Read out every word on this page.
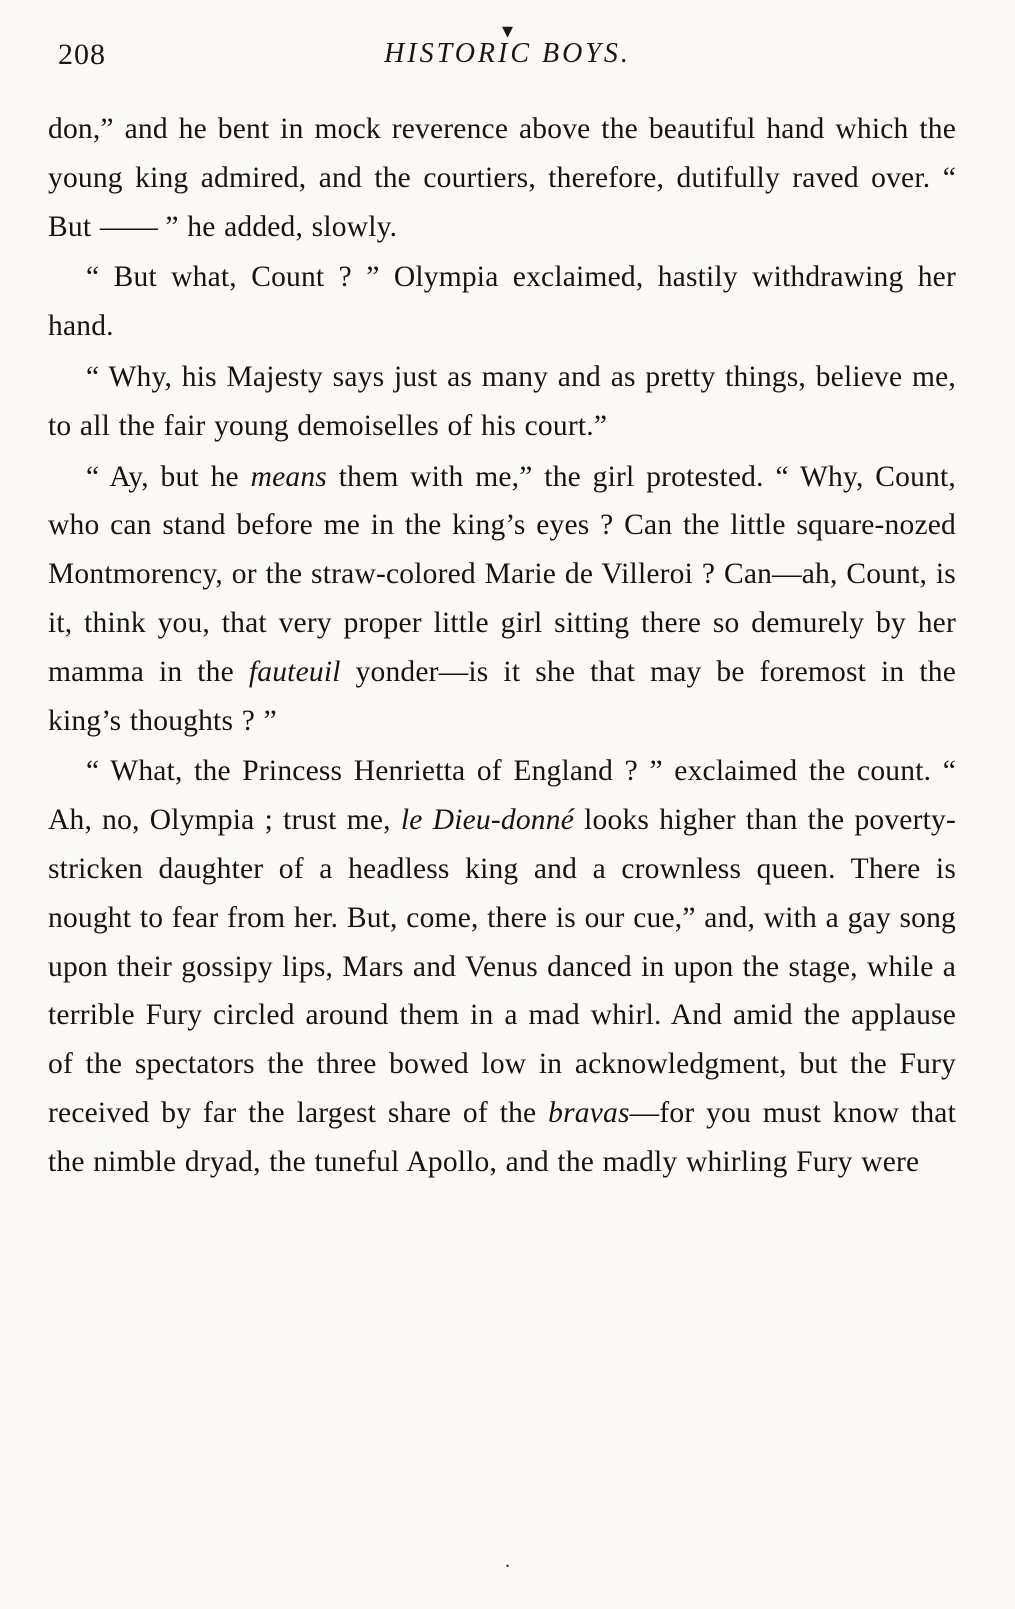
208
▾
HISTORIC BOYS.

don,” and he bent in mock reverence above the beautiful hand which the young king admired, and the courtiers, therefore, dutifully raved over. “ But —— ” he added, slowly.

“ But what, Count ? ” Olympia exclaimed, hastily withdrawing her hand.

“ Why, his Majesty says just as many and as pretty things, believe me, to all the fair young demoiselles of his court.”

“ Ay, but he means them with me,” the girl protested. “ Why, Count, who can stand before me in the king’s eyes ? Can the little square-nozed Montmorency, or the straw-colored Marie de Villeroi ? Can—ah, Count, is it, think you, that very proper little girl sitting there so demurely by her mamma in the fauteuil yonder—is it she that may be foremost in the king’s thoughts ? ”

“ What, the Princess Henrietta of England ? ” exclaimed the count. “ Ah, no, Olympia ; trust me, le Dieu-donné looks higher than the poverty-stricken daughter of a headless king and a crownless queen. There is nought to fear from her. But, come, there is our cue,” and, with a gay song upon their gossipy lips, Mars and Venus danced in upon the stage, while a terrible Fury circled around them in a mad whirl. And amid the applause of the spectators the three bowed low in acknowledgment, but the Fury received by far the largest share of the bravas—for you must know that the nimble dryad, the tuneful Apollo, and the madly whirling Fury were

.
